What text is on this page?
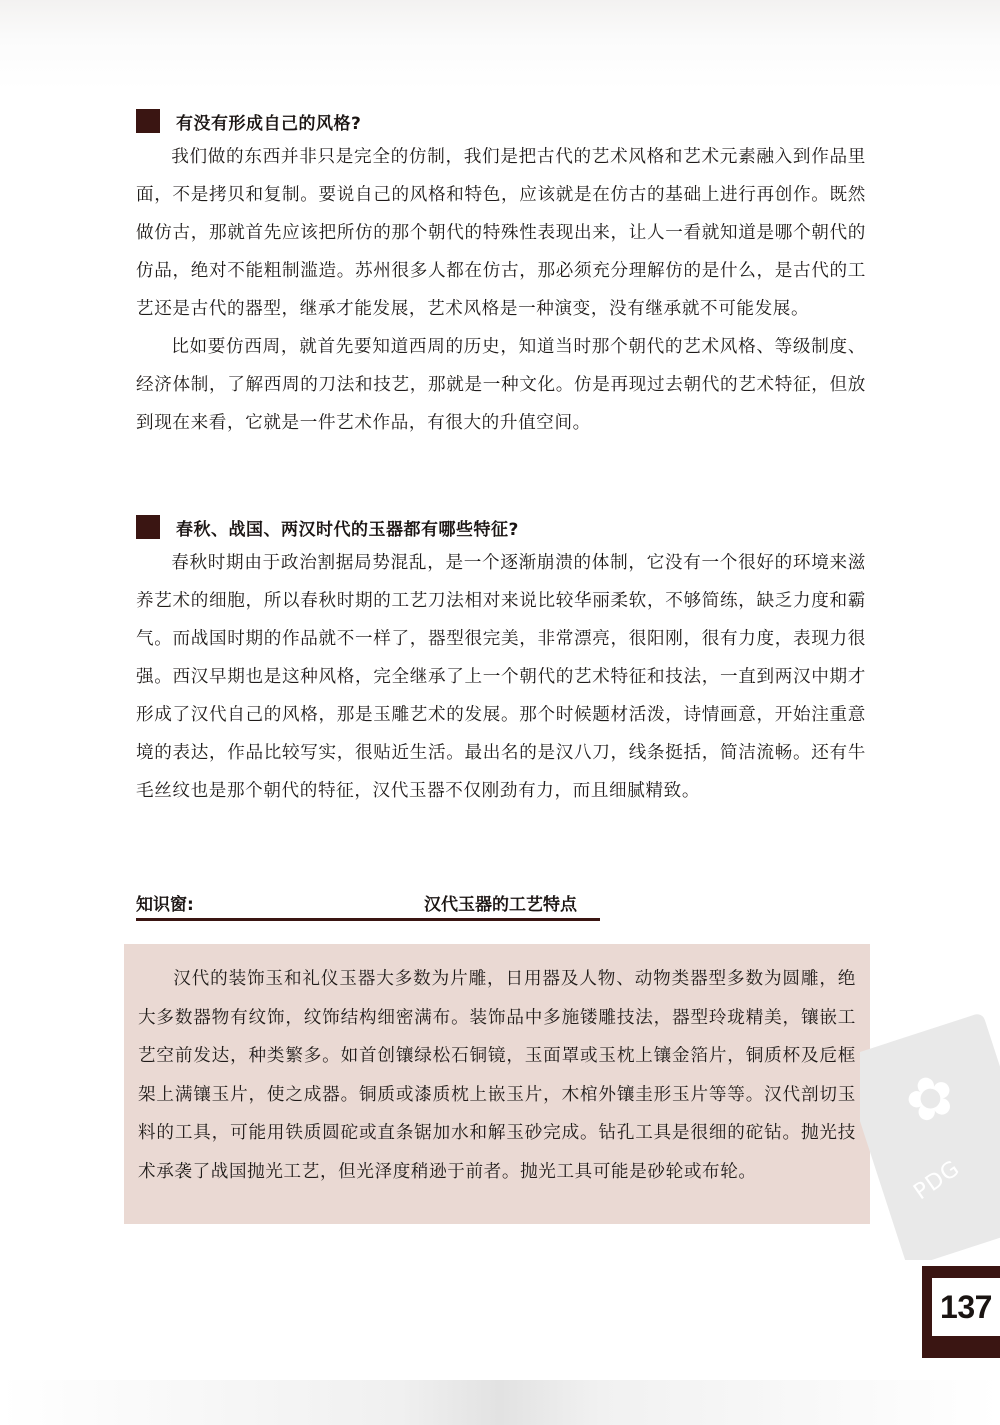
有没有形成自己的风格?

我们做的东西并非只是完全的仿制，我们是把古代的艺术风格和艺术元素融入到作品里面，不是拷贝和复制。要说自己的风格和特色，应该就是在仿古的基础上进行再创作。既然做仿古，那就首先应该把所仿的那个朝代的特殊性表现出来，让人一看就知道是哪个朝代的仿品，绝对不能粗制滥造。苏州很多人都在仿古，那必须充分理解仿的是什么，是古代的工艺还是古代的器型，继承才能发展，艺术风格是一种演变，没有继承就不可能发展。

比如要仿西周，就首先要知道西周的历史，知道当时那个朝代的艺术风格、等级制度、经济体制，了解西周的刀法和技艺，那就是一种文化。仿是再现过去朝代的艺术特征，但放到现在来看，它就是一件艺术作品，有很大的升值空间。

春秋、战国、两汉时代的玉器都有哪些特征?

春秋时期由于政治割据局势混乱，是一个逐渐崩溃的体制，它没有一个很好的环境来滋养艺术的细胞，所以春秋时期的工艺刀法相对来说比较华丽柔软，不够简练，缺乏力度和霸气。而战国时期的作品就不一样了，器型很完美，非常漂亮，很阳刚，很有力度，表现力很强。西汉早期也是这种风格，完全继承了上一个朝代的艺术特征和技法，一直到两汉中期才形成了汉代自己的风格，那是玉雕艺术的发展。那个时候题材活泼，诗情画意，开始注重意境的表达，作品比较写实，很贴近生活。最出名的是汉八刀，线条挺括，简洁流畅。还有牛毛丝纹也是那个朝代的特征，汉代玉器不仅刚劲有力，而且细腻精致。

知识窗:	汉代玉器的工艺特点

汉代的装饰玉和礼仪玉器大多数为片雕，日用器及人物、动物类器型多数为圆雕，绝大多数器物有纹饰，纹饰结构细密满布。装饰品中多施镂雕技法，器型玲珑精美，镶嵌工艺空前发达，种类繁多。如首创镶绿松石铜镜，玉面罩或玉枕上镶金箔片，铜质杯及卮框架上满镶玉片，使之成器。铜质或漆质枕上嵌玉片，木棺外镶圭形玉片等等。汉代剖切玉料的工具，可能用铁质圆砣或直条锯加水和解玉砂完成。钻孔工具是很细的砣钻。抛光技术承袭了战国抛光工艺，但光泽度稍逊于前者。抛光工具可能是砂轮或布轮。

✿
PDG
137
